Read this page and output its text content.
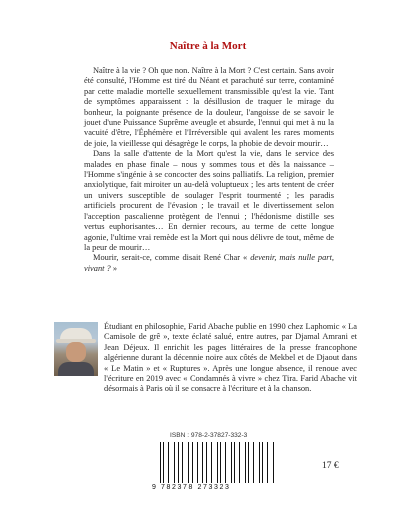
Naître à la Mort

Naître à la vie ? Oh que non. Naître à la Mort ? C'est certain. Sans avoir été consulté, l'Homme est tiré du Néant et parachuté sur terre, contaminé par cette maladie mortelle sexuellement transmissible qu'est la vie. Tant de symptômes apparaissent : la désillusion de traquer le mirage du bonheur, la poignante présence de la douleur, l'angoisse de se savoir le jouet d'une Puissance Suprême aveugle et absurde, l'ennui qui met à nu la vacuité d'être, l'Éphémère et l'Irréversible qui avalent les rares moments de joie, la vieillesse qui désagrège le corps, la phobie de devoir mourir…

Dans la salle d'attente de la Mort qu'est la vie, dans le service des malades en phase finale – nous y sommes tous et dès la naissance – l'Homme s'ingénie à se concocter des soins palliatifs. La religion, premier anxiolytique, fait miroiter un au-delà voluptueux ; les arts tentent de créer un univers susceptible de soulager l'esprit tourmenté ; les paradis artificiels procurent de l'évasion ; le travail et le divertissement selon l'acception pascalienne protègent de l'ennui ; l'hédonisme distille ses vertus euphorisantes… En dernier recours, au terme de cette longue agonie, l'ultime vrai remède est la Mort qui nous délivre de tout, même de la peur de mourir…

Mourir, serait-ce, comme disait René Char « devenir, mais nulle part, vivant ? »

Étudiant en philosophie, Farid Abache publie en 1990 chez Laphomic « La Camisole de grê », texte éclaté salué, entre autres, par Djamal Amrani et Jean Déjeux. Il enrichit les pages littéraires de la presse francophone algérienne durant la décennie noire aux côtés de Mekbel et de Djaout dans « Le Matin » et « Ruptures ». Après une longue absence, il renoue avec l'écriture en 2019 avec « Condamnés à vivre » chez Tira. Farid Abache vit désormais à Paris où il se consacre à l'écriture et à la chanson.
ISBN : 978-2-37827-332-3
9 782378 273323
17 €
